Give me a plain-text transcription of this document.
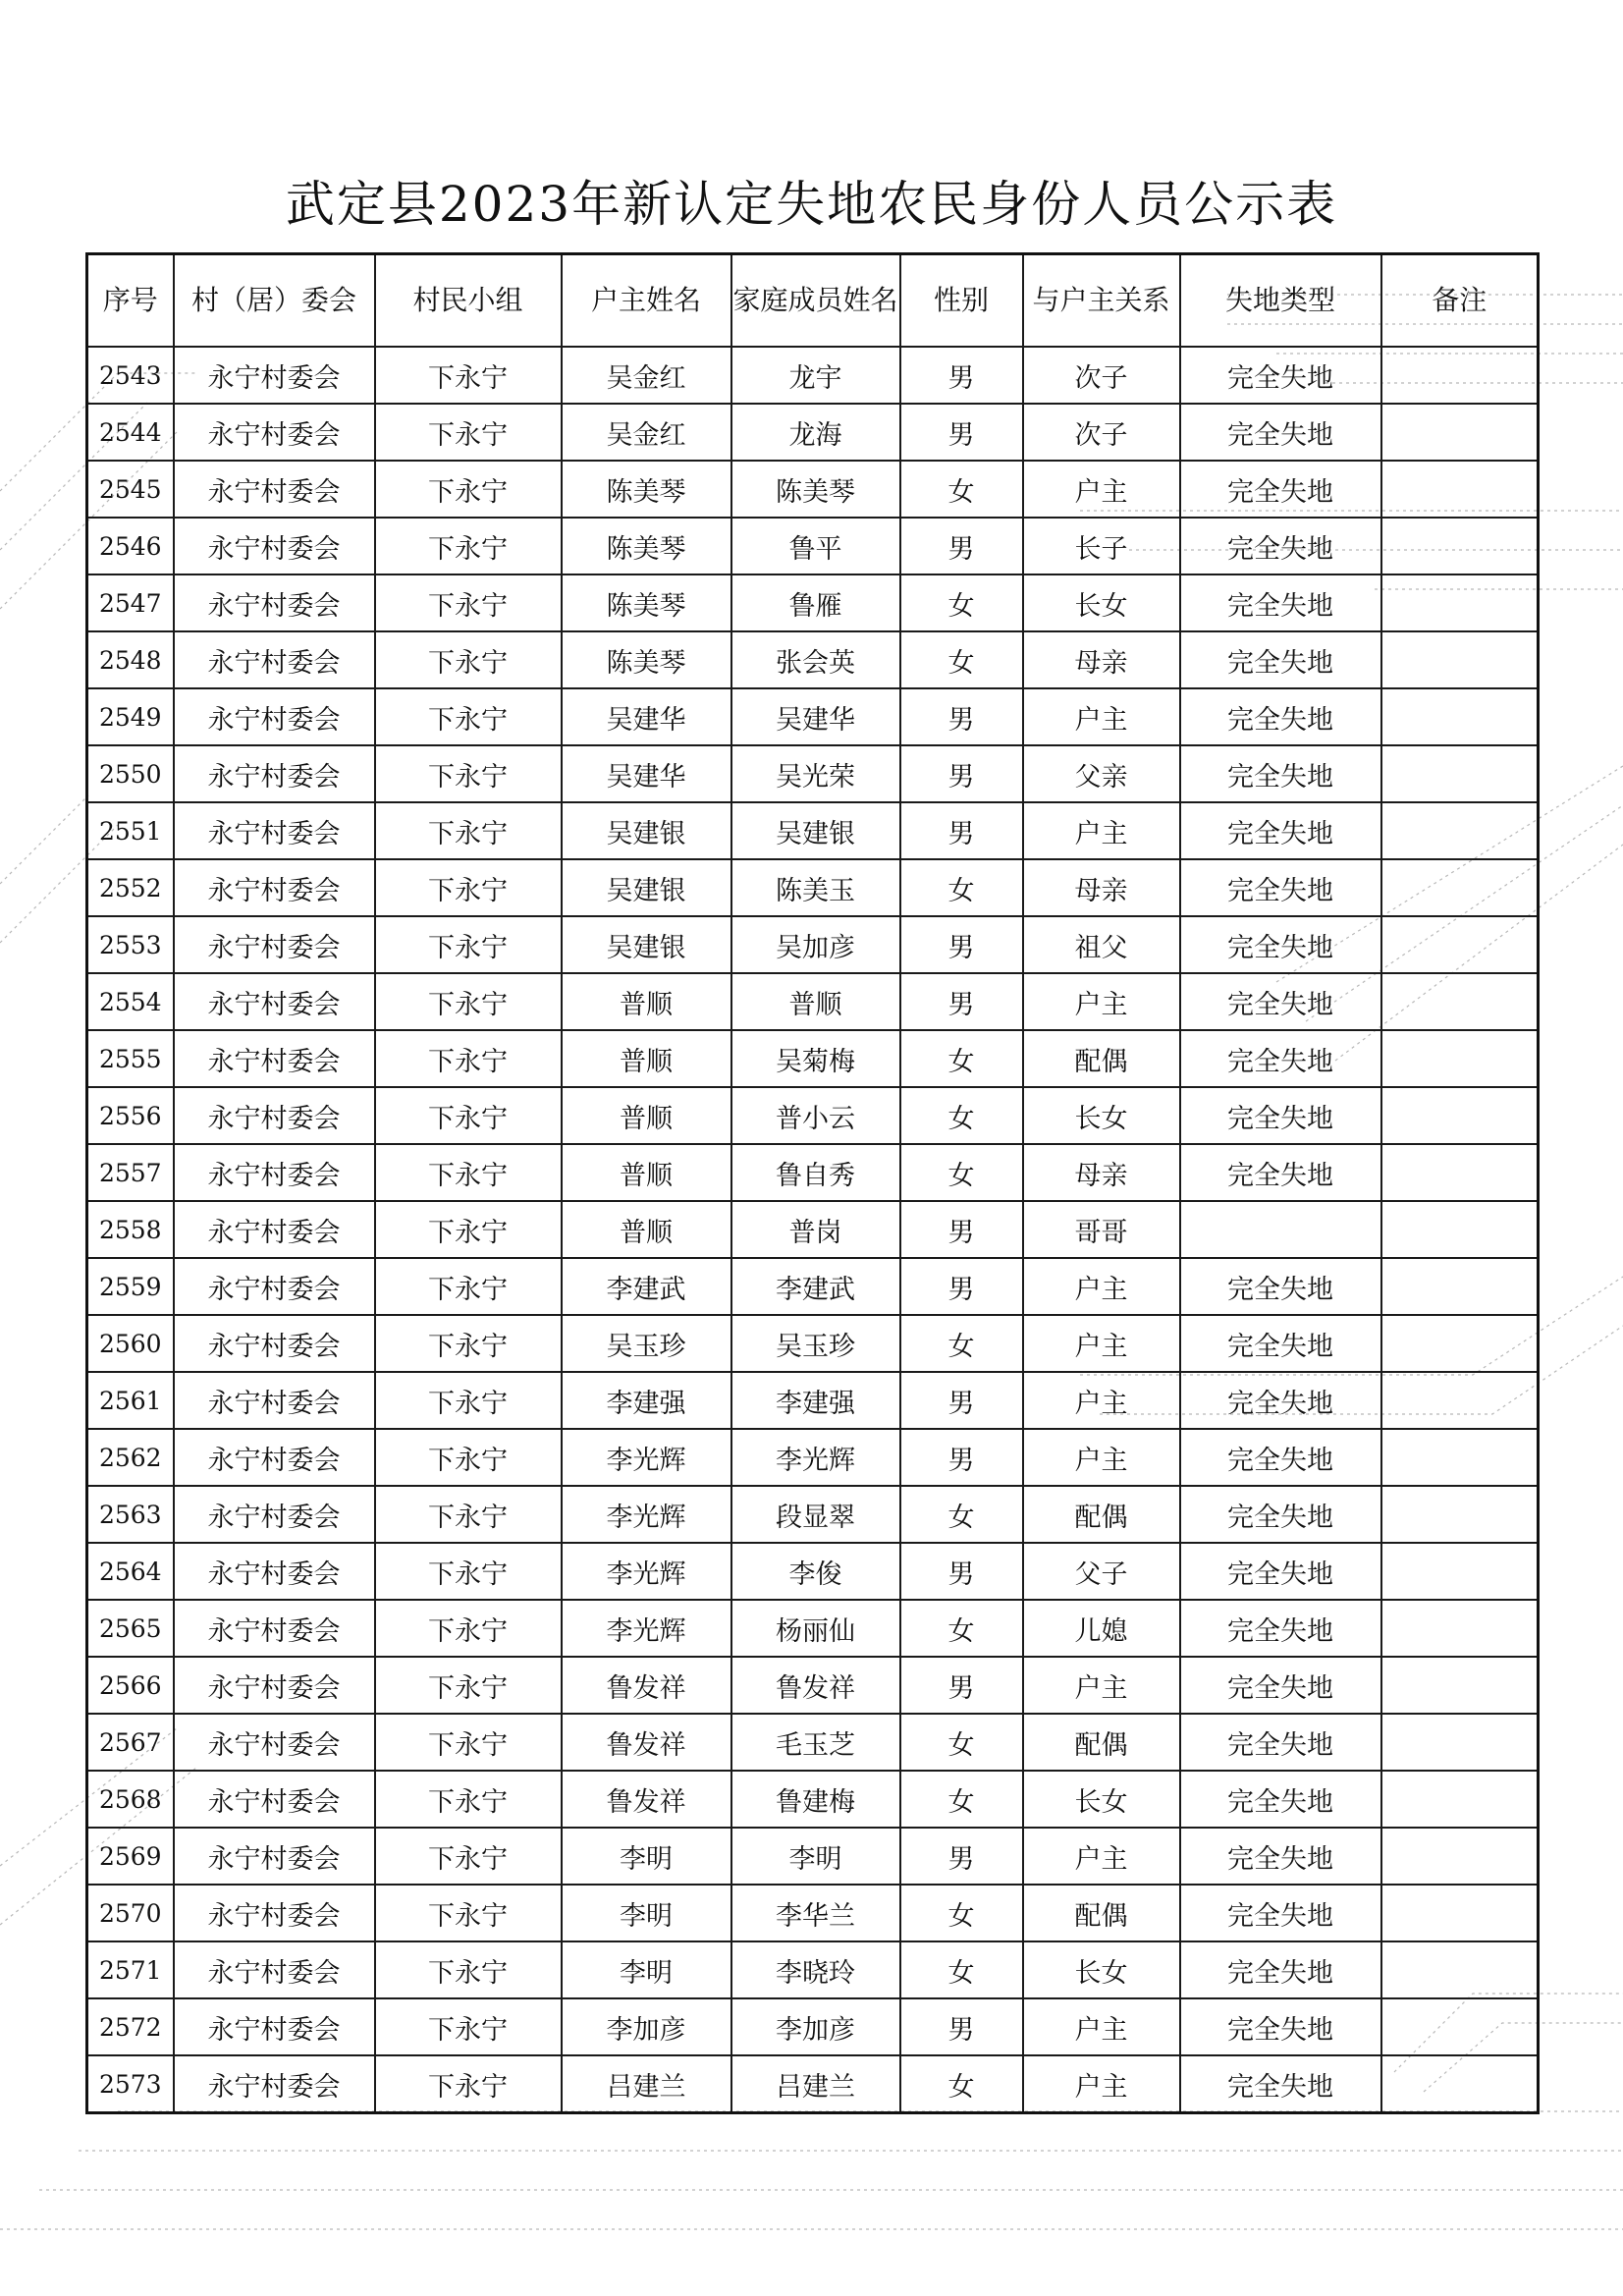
武定县2023年新认定失地农民身份人员公示表
序号	村（居）委会	村民小组	户主姓名	家庭成员姓名	性别	与户主关系	失地类型	备注
2543	永宁村委会	下永宁	吴金红	龙宇	男	次子	完全失地	
2544	永宁村委会	下永宁	吴金红	龙海	男	次子	完全失地	
2545	永宁村委会	下永宁	陈美琴	陈美琴	女	户主	完全失地	
2546	永宁村委会	下永宁	陈美琴	鲁平	男	长子	完全失地	
2547	永宁村委会	下永宁	陈美琴	鲁雁	女	长女	完全失地	
2548	永宁村委会	下永宁	陈美琴	张会英	女	母亲	完全失地	
2549	永宁村委会	下永宁	吴建华	吴建华	男	户主	完全失地	
2550	永宁村委会	下永宁	吴建华	吴光荣	男	父亲	完全失地	
2551	永宁村委会	下永宁	吴建银	吴建银	男	户主	完全失地	
2552	永宁村委会	下永宁	吴建银	陈美玉	女	母亲	完全失地	
2553	永宁村委会	下永宁	吴建银	吴加彦	男	祖父	完全失地	
2554	永宁村委会	下永宁	普顺	普顺	男	户主	完全失地	
2555	永宁村委会	下永宁	普顺	吴菊梅	女	配偶	完全失地	
2556	永宁村委会	下永宁	普顺	普小云	女	长女	完全失地	
2557	永宁村委会	下永宁	普顺	鲁自秀	女	母亲	完全失地	
2558	永宁村委会	下永宁	普顺	普岗	男	哥哥		
2559	永宁村委会	下永宁	李建武	李建武	男	户主	完全失地	
2560	永宁村委会	下永宁	吴玉珍	吴玉珍	女	户主	完全失地	
2561	永宁村委会	下永宁	李建强	李建强	男	户主	完全失地	
2562	永宁村委会	下永宁	李光辉	李光辉	男	户主	完全失地	
2563	永宁村委会	下永宁	李光辉	段显翠	女	配偶	完全失地	
2564	永宁村委会	下永宁	李光辉	李俊	男	父子	完全失地	
2565	永宁村委会	下永宁	李光辉	杨丽仙	女	儿媳	完全失地	
2566	永宁村委会	下永宁	鲁发祥	鲁发祥	男	户主	完全失地	
2567	永宁村委会	下永宁	鲁发祥	毛玉芝	女	配偶	完全失地	
2568	永宁村委会	下永宁	鲁发祥	鲁建梅	女	长女	完全失地	
2569	永宁村委会	下永宁	李明	李明	男	户主	完全失地	
2570	永宁村委会	下永宁	李明	李华兰	女	配偶	完全失地	
2571	永宁村委会	下永宁	李明	李晓玲	女	长女	完全失地	
2572	永宁村委会	下永宁	李加彦	李加彦	男	户主	完全失地	
2573	永宁村委会	下永宁	吕建兰	吕建兰	女	户主	完全失地	
